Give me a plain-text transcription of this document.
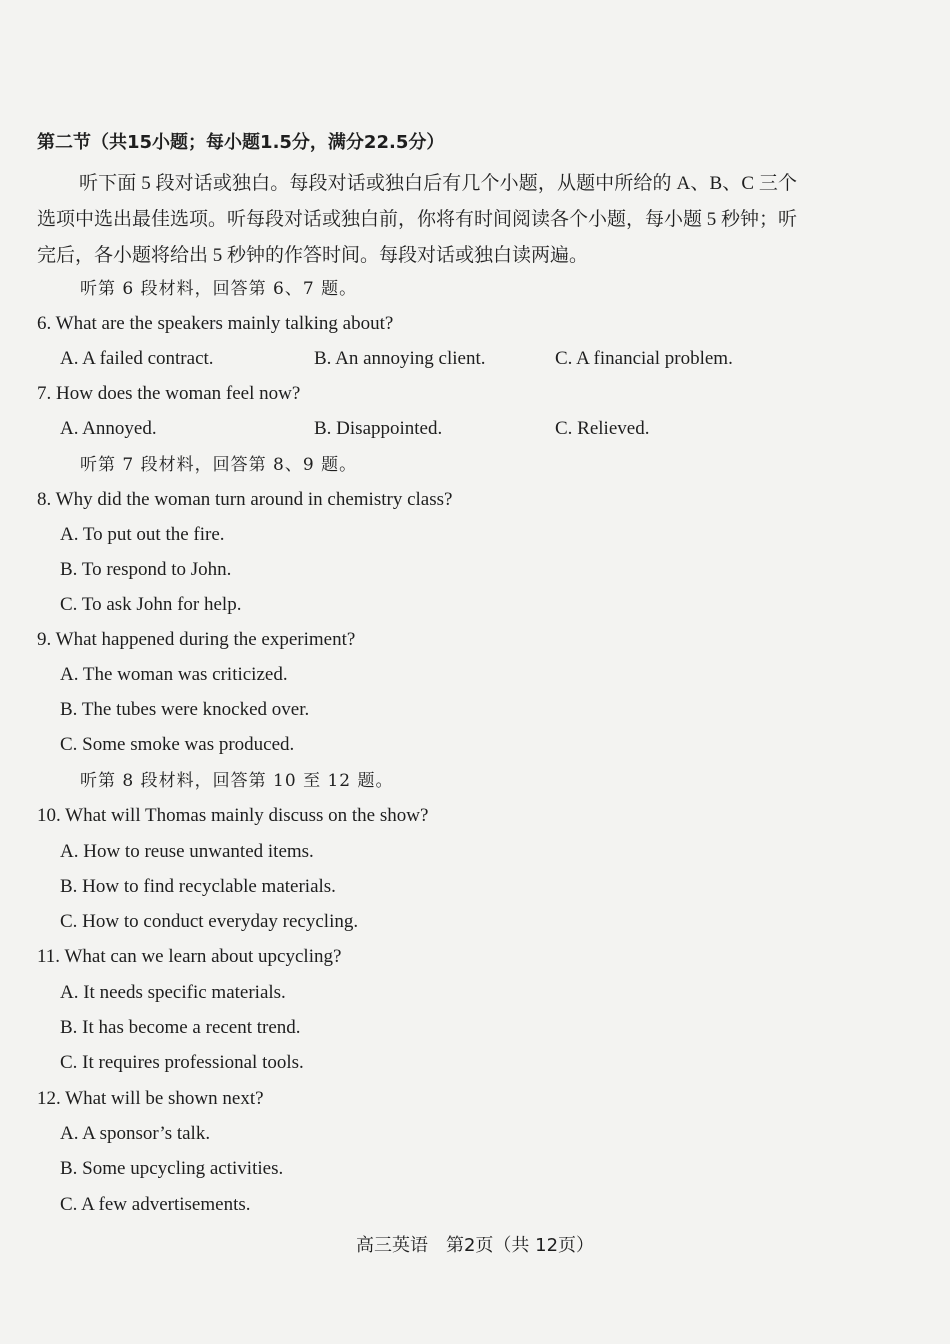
第二节（共15小题；每小题1.5分，满分22.5分）
听下面 5 段对话或独白。每段对话或独白后有几个小题，从题中所给的 A、B、C 三个选项中选出最佳选项。听每段对话或独白前，你将有时间阅读各个小题，每小题 5 秒钟；听完后，各小题将给出 5 秒钟的作答时间。每段对话或独白读两遍。
听第 6 段材料，回答第 6、7 题。
6. What are the speakers mainly talking about?
A. A failed contract.	B. An annoying client.	C. A financial problem.
7. How does the woman feel now?
A. Annoyed.	B. Disappointed.	C. Relieved.
听第 7 段材料，回答第 8、9 题。
8. Why did the woman turn around in chemistry class?
A. To put out the fire.
B. To respond to John.
C. To ask John for help.
9. What happened during the experiment?
A. The woman was criticized.
B. The tubes were knocked over.
C. Some smoke was produced.
听第 8 段材料，回答第 10 至 12 题。
10. What will Thomas mainly discuss on the show?
A. How to reuse unwanted items.
B. How to find recyclable materials.
C. How to conduct everyday recycling.
11. What can we learn about upcycling?
A. It needs specific materials.
B. It has become a recent trend.
C. It requires professional tools.
12. What will be shown next?
A. A sponsor’s talk.
B. Some upcycling activities.
C. A few advertisements.
高三英语　第2页（共 12页）
